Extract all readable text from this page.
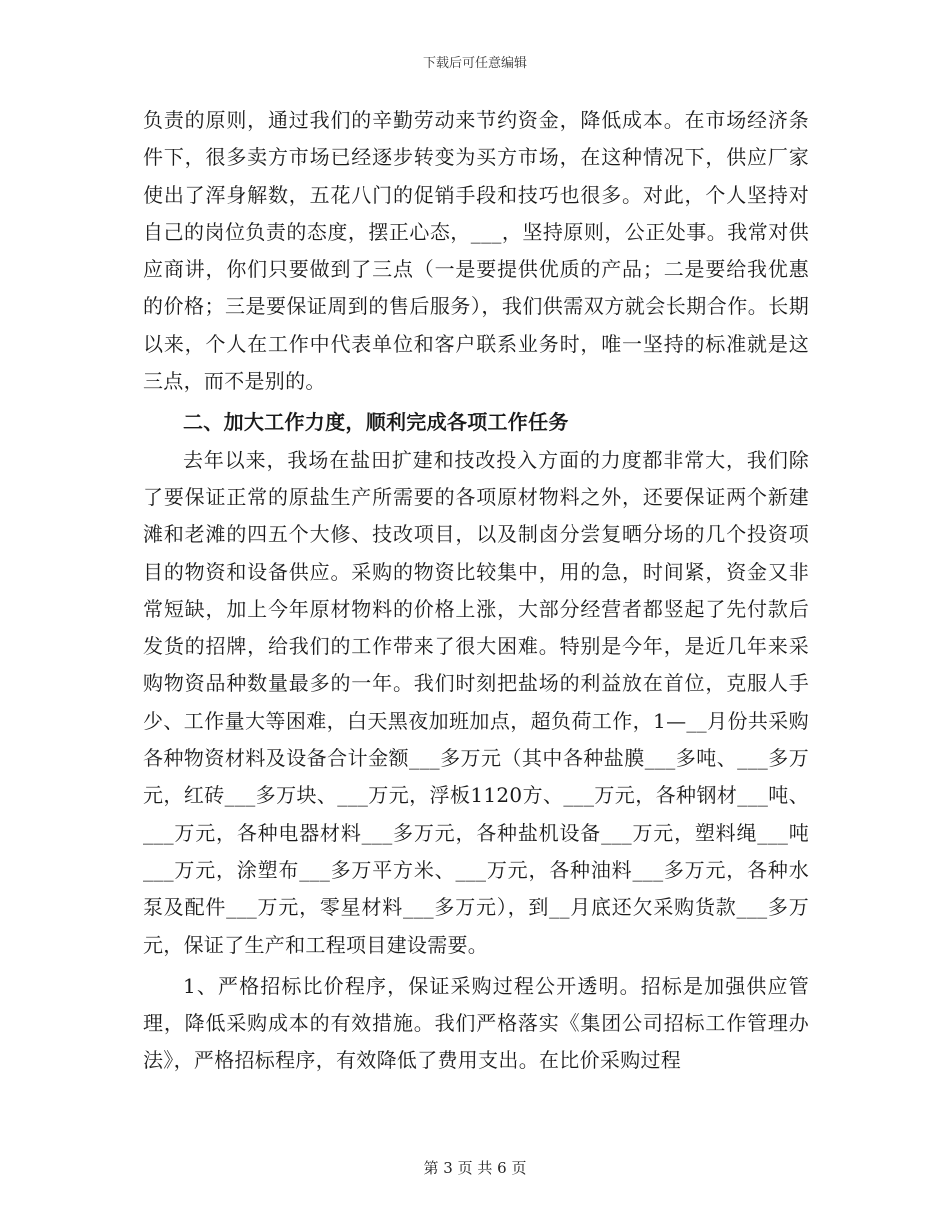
下载后可任意编辑

负责的原则，通过我们的辛勤劳动来节约资金，降低成本。在市场经济条件下，很多卖方市场已经逐步转变为买方市场，在这种情况下，供应厂家使出了浑身解数，五花八门的促销手段和技巧也很多。对此，个人坚持对自己的岗位负责的态度，摆正心态，___，坚持原则，公正处事。我常对供应商讲，你们只要做到了三点（一是要提供优质的产品；二是要给我优惠的价格；三是要保证周到的售后服务），我们供需双方就会长期合作。长期以来，个人在工作中代表单位和客户联系业务时，唯一坚持的标准就是这三点，而不是别的。

二、加大工作力度，顺利完成各项工作任务

去年以来，我场在盐田扩建和技改投入方面的力度都非常大，我们除了要保证正常的原盐生产所需要的各项原材物料之外，还要保证两个新建滩和老滩的四五个大修、技改项目，以及制卤分尝复晒分场的几个投资项目的物资和设备供应。采购的物资比较集中，用的急，时间紧，资金又非常短缺，加上今年原材物料的价格上涨，大部分经营者都竖起了先付款后发货的招牌，给我们的工作带来了很大困难。特别是今年，是近几年来采购物资品种数量最多的一年。我们时刻把盐场的利益放在首位，克服人手少、工作量大等困难，白天黑夜加班加点，超负荷工作，1—__月份共采购各种物资材料及设备合计金额___多万元（其中各种盐膜___多吨、___多万元，红砖___多万块、___万元，浮板1120方、___万元，各种钢材___吨、___万元，各种电器材料___多万元，各种盐机设备___万元，塑料绳___吨___万元，涂塑布___多万平方米、___万元，各种油料___多万元，各种水泵及配件___万元，零星材料___多万元），到__月底还欠采购货款___多万元，保证了生产和工程项目建设需要。

1、严格招标比价程序，保证采购过程公开透明。招标是加强供应管理，降低采购成本的有效措施。我们严格落实《集团公司招标工作管理办法》，严格招标程序，有效降低了费用支出。在比价采购过程

第 3 页 共 6 页
